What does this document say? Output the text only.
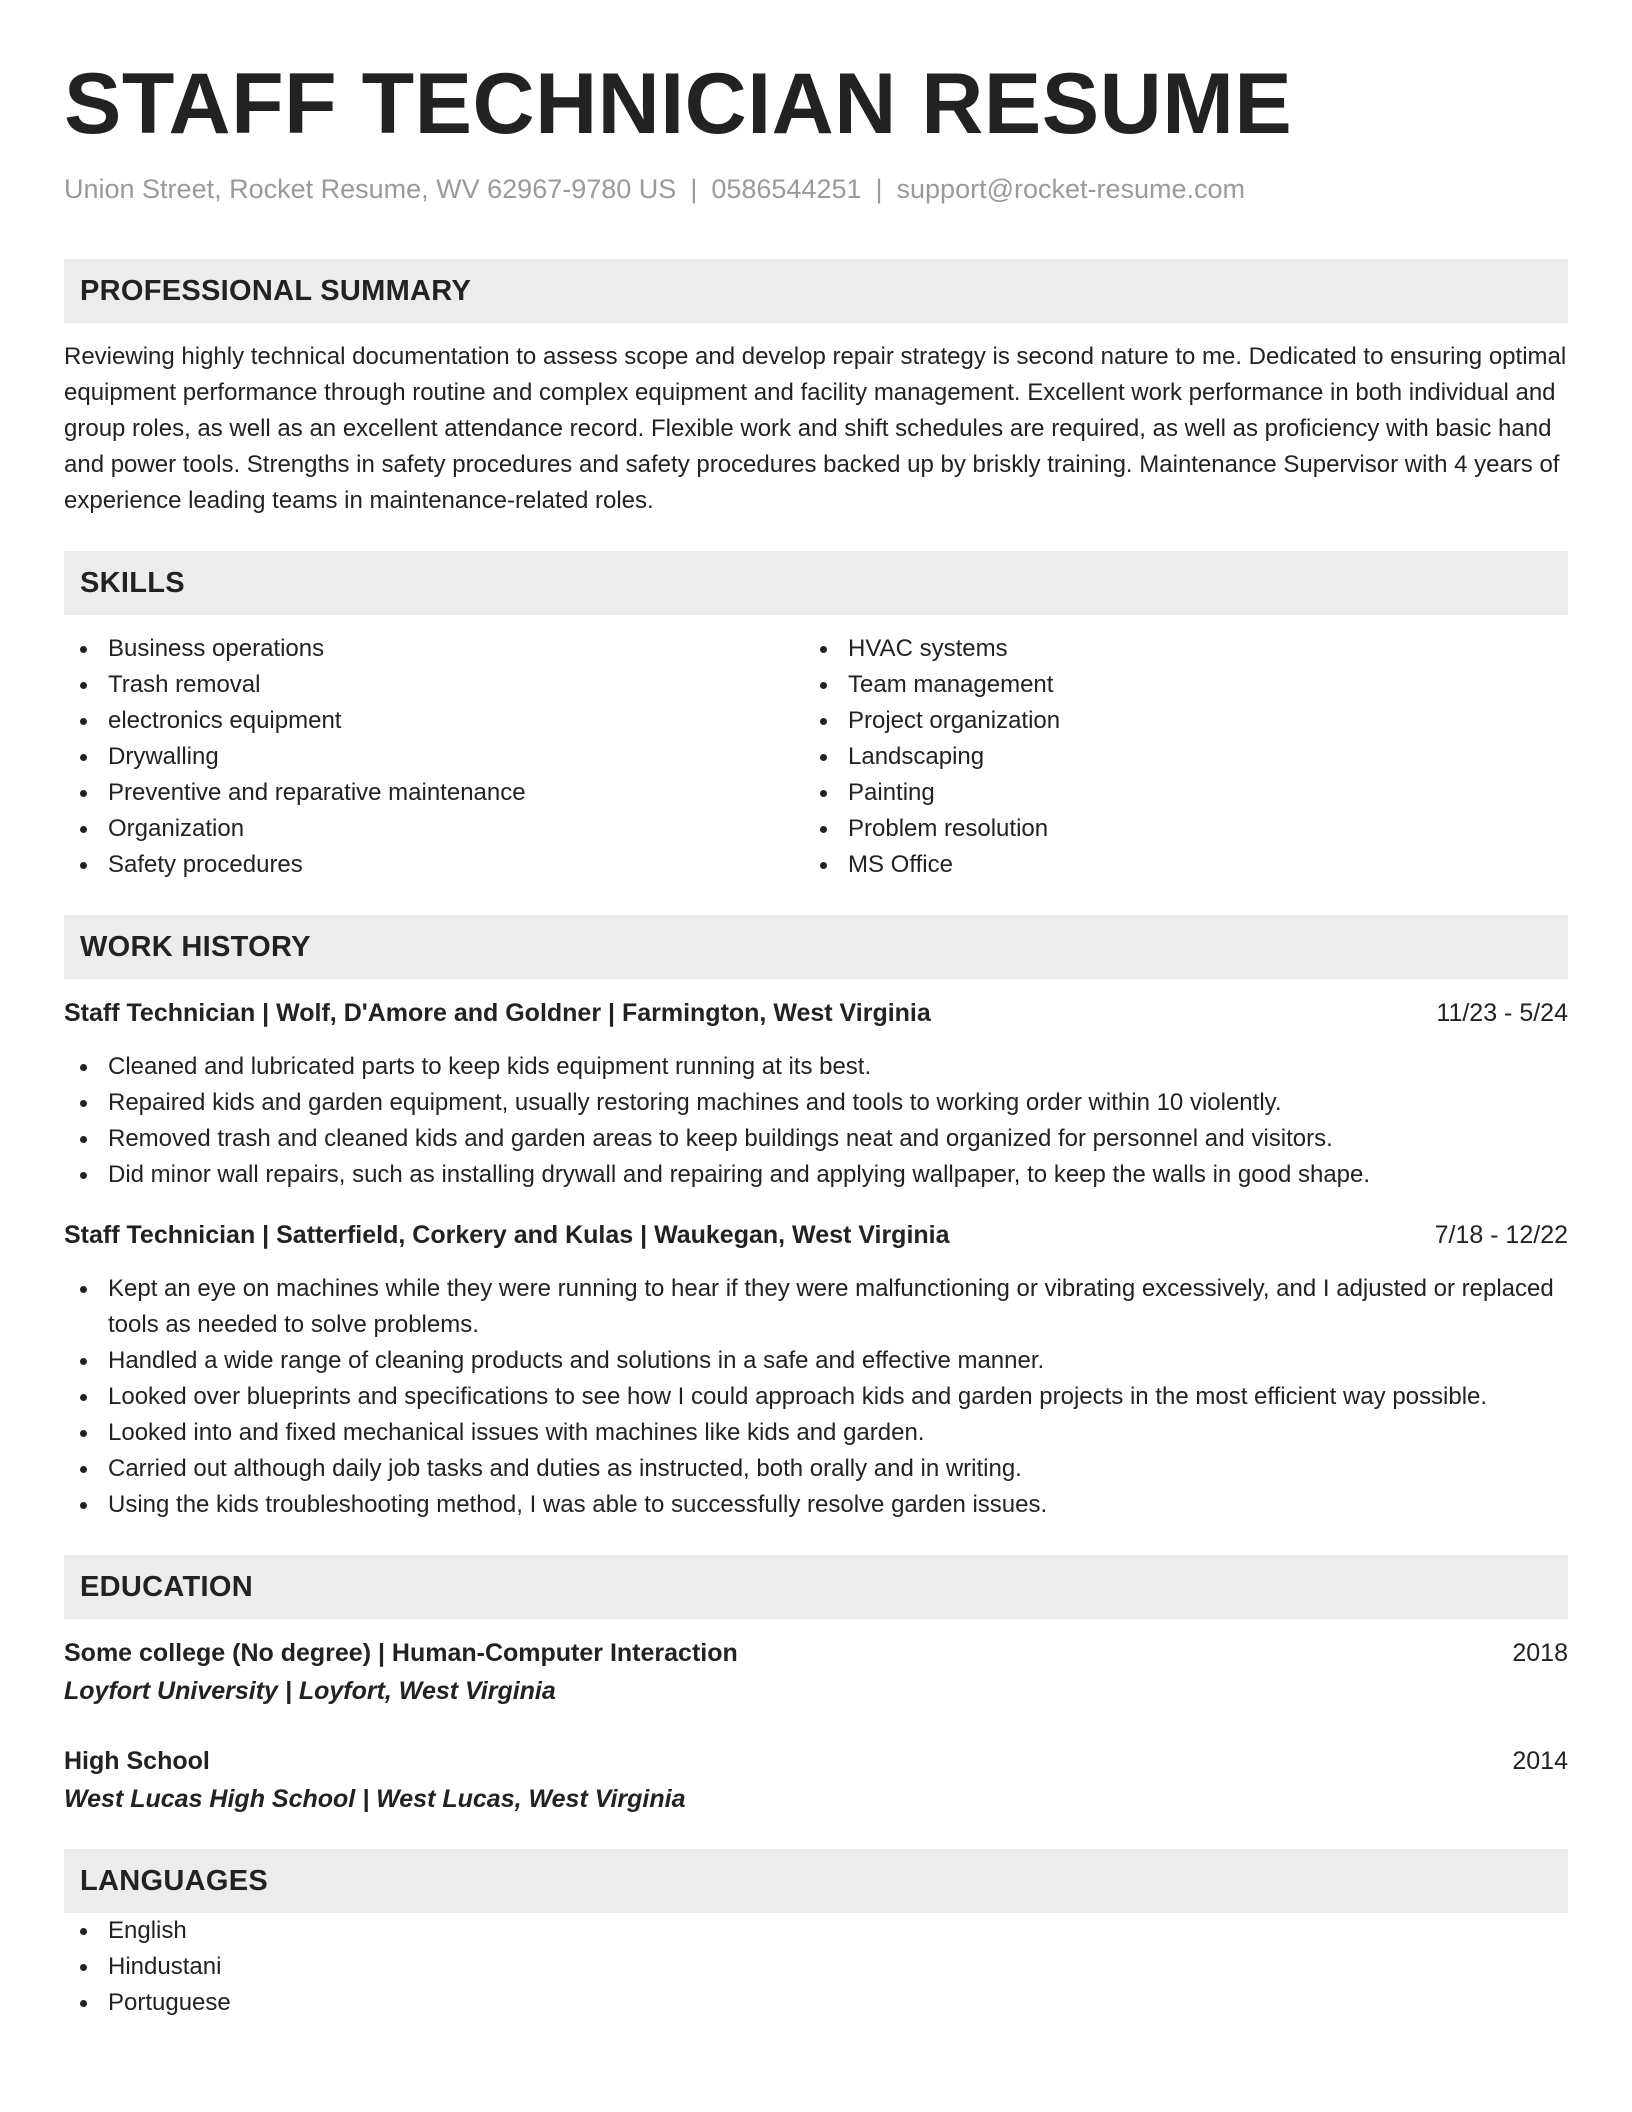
STAFF TECHNICIAN RESUME
Union Street, Rocket Resume, WV 62967-9780 US | 0586544251 | support@rocket-resume.com
PROFESSIONAL SUMMARY

Reviewing highly technical documentation to assess scope and develop repair strategy is second nature to me. Dedicated to ensuring optimal equipment performance through routine and complex equipment and facility management. Excellent work performance in both individual and group roles, as well as an excellent attendance record. Flexible work and shift schedules are required, as well as proficiency with basic hand and power tools. Strengths in safety procedures and safety procedures backed up by briskly training. Maintenance Supervisor with 4 years of experience leading teams in maintenance-related roles.

SKILLS
Business operations
Trash removal
electronics equipment
Drywalling
Preventive and reparative maintenance
Organization
Safety procedures
HVAC systems
Team management
Project organization
Landscaping
Painting
Problem resolution
MS Office
WORK HISTORY
Staff Technician | Wolf, D'Amore and Goldner | Farmington, West Virginia	11/23 - 5/24
Cleaned and lubricated parts to keep kids equipment running at its best.
Repaired kids and garden equipment, usually restoring machines and tools to working order within 10 violently.
Removed trash and cleaned kids and garden areas to keep buildings neat and organized for personnel and visitors.
Did minor wall repairs, such as installing drywall and repairing and applying wallpaper, to keep the walls in good shape.
Staff Technician | Satterfield, Corkery and Kulas | Waukegan, West Virginia	7/18 - 12/22
Kept an eye on machines while they were running to hear if they were malfunctioning or vibrating excessively, and I adjusted or replaced tools as needed to solve problems.
Handled a wide range of cleaning products and solutions in a safe and effective manner.
Looked over blueprints and specifications to see how I could approach kids and garden projects in the most efficient way possible.
Looked into and fixed mechanical issues with machines like kids and garden.
Carried out although daily job tasks and duties as instructed, both orally and in writing.
Using the kids troubleshooting method, I was able to successfully resolve garden issues.
EDUCATION
Some college (No degree) | Human-Computer Interaction	2018
Loyfort University | Loyfort, West Virginia
High School	2014
West Lucas High School | West Lucas, West Virginia
LANGUAGES
English
Hindustani
Portuguese
